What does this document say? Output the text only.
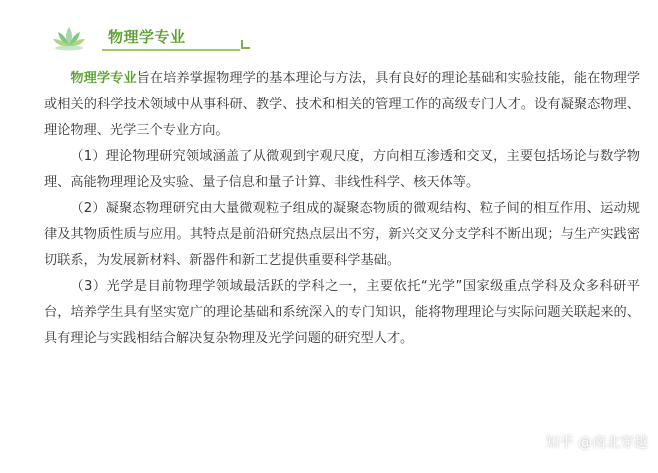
物理学专业

物理学专业旨在培养掌握物理学的基本理论与方法，具有良好的理论基础和实验技能，能在物理学或相关的科学技术领域中从事科研、教学、技术和相关的管理工作的高级专门人才。设有凝聚态物理、理论物理、光学三个专业方向。

（1）理论物理研究领域涵盖了从微观到宇观尺度，方向相互渗透和交叉，主要包括场论与数学物理、高能物理理论及实验、量子信息和量子计算、非线性科学、核天体等。

（2）凝聚态物理研究由大量微观粒子组成的凝聚态物质的微观结构、粒子间的相互作用、运动规律及其物质性质与应用。其特点是前沿研究热点层出不穷，新兴交叉分支学科不断出现；与生产实践密切联系，为发展新材料、新器件和新工艺提供重要科学基础。

（3）光学是目前物理学领域最活跃的学科之一，主要依托“光学”国家级重点学科及众多科研平台，培养学生具有坚实宽广的理论基础和系统深入的专门知识，能将物理理论与实际问题关联起来的、具有理论与实践相结合解决复杂物理及光学问题的研究型人才。

知乎 @南北穿越
